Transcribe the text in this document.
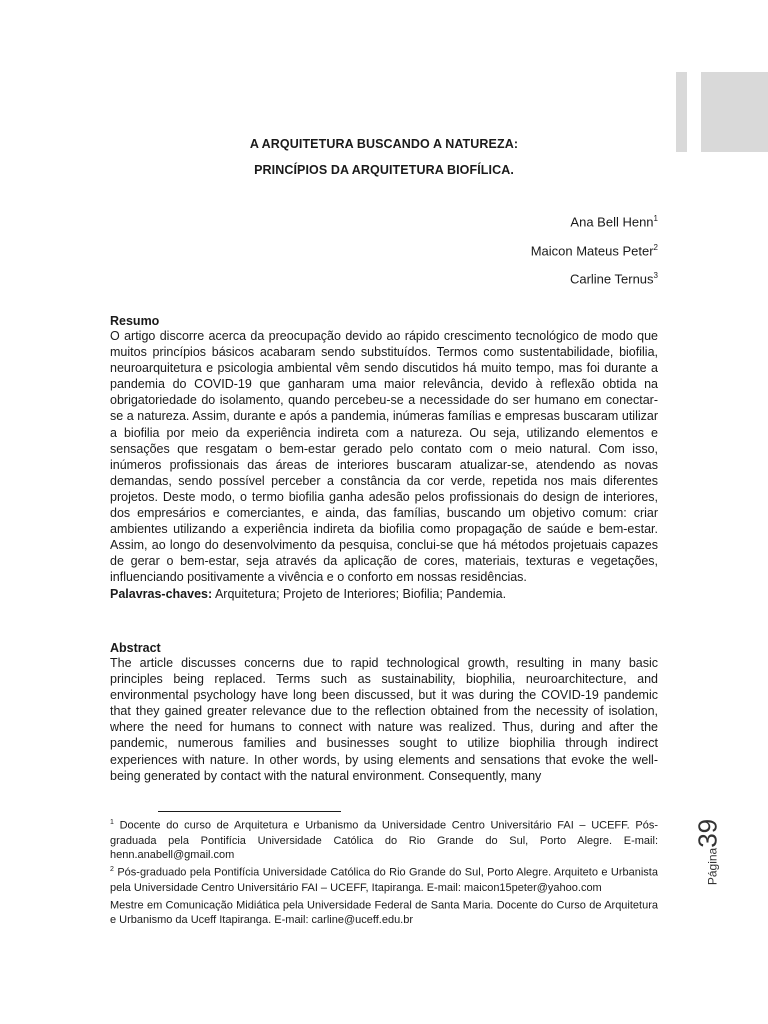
A ARQUITETURA BUSCANDO A NATUREZA:
PRINCÍPIOS DA ARQUITETURA BIOFÍLICA.
Ana Bell Henn$^1$
Maicon Mateus Peter$^2$
Carline Ternus$^3$
Resumo

O artigo discorre acerca da preocupação devido ao rápido crescimento tecnológico de modo que muitos princípios básicos acabaram sendo substituídos. Termos como sustentabilidade, biofilia, neuroarquitetura e psicologia ambiental vêm sendo discutidos há muito tempo, mas foi durante a pandemia do COVID-19 que ganharam uma maior relevância, devido à reflexão obtida na obrigatoriedade do isolamento, quando percebeu-se a necessidade do ser humano em conectar-se a natureza. Assim, durante e após a pandemia, inúmeras famílias e empresas buscaram utilizar a biofilia por meio da experiência indireta com a natureza. Ou seja, utilizando elementos e sensações que resgatam o bem-estar gerado pelo contato com o meio natural. Com isso, inúmeros profissionais das áreas de interiores buscaram atualizar-se, atendendo as novas demandas, sendo possível perceber a constância da cor verde, repetida nos mais diferentes projetos. Deste modo, o termo biofilia ganha adesão pelos profissionais do design de interiores, dos empresários e comerciantes, e ainda, das famílias, buscando um objetivo comum: criar ambientes utilizando a experiência indireta da biofilia como propagação de saúde e bem-estar. Assim, ao longo do desenvolvimento da pesquisa, conclui-se que há métodos projetuais capazes de gerar o bem-estar, seja através da aplicação de cores, materiais, texturas e vegetações, influenciando positivamente a vivência e o conforto em nossas residências.

Palavras-chaves: Arquitetura; Projeto de Interiores; Biofilia; Pandemia.
Abstract

The article discusses concerns due to rapid technological growth, resulting in many basic principles being replaced. Terms such as sustainability, biophilia, neuroarchitecture, and environmental psychology have long been discussed, but it was during the COVID-19 pandemic that they gained greater relevance due to the reflection obtained from the necessity of isolation, where the need for humans to connect with nature was realized. Thus, during and after the pandemic, numerous families and businesses sought to utilize biophilia through indirect experiences with nature. In other words, by using elements and sensations that evoke the well-being generated by contact with the natural environment. Consequently, many

$^1$ Docente do curso de Arquitetura e Urbanismo da Universidade Centro Universitário FAI – UCEFF. Pós-graduada pela Pontifícia Universidade Católica do Rio Grande do Sul, Porto Alegre. E-mail: henn.anabell@gmail.com

$^2$ Pós-graduado pela Pontifícia Universidade Católica do Rio Grande do Sul, Porto Alegre. Arquiteto e Urbanista pela Universidade Centro Universitário FAI – UCEFF, Itapiranga. E-mail: maicon15peter@yahoo.com

Mestre em Comunicação Midiática pela Universidade Federal de Santa Maria. Docente do Curso de Arquitetura e Urbanismo da Uceff Itapiranga. E-mail: carline@uceff.edu.br

Página39
